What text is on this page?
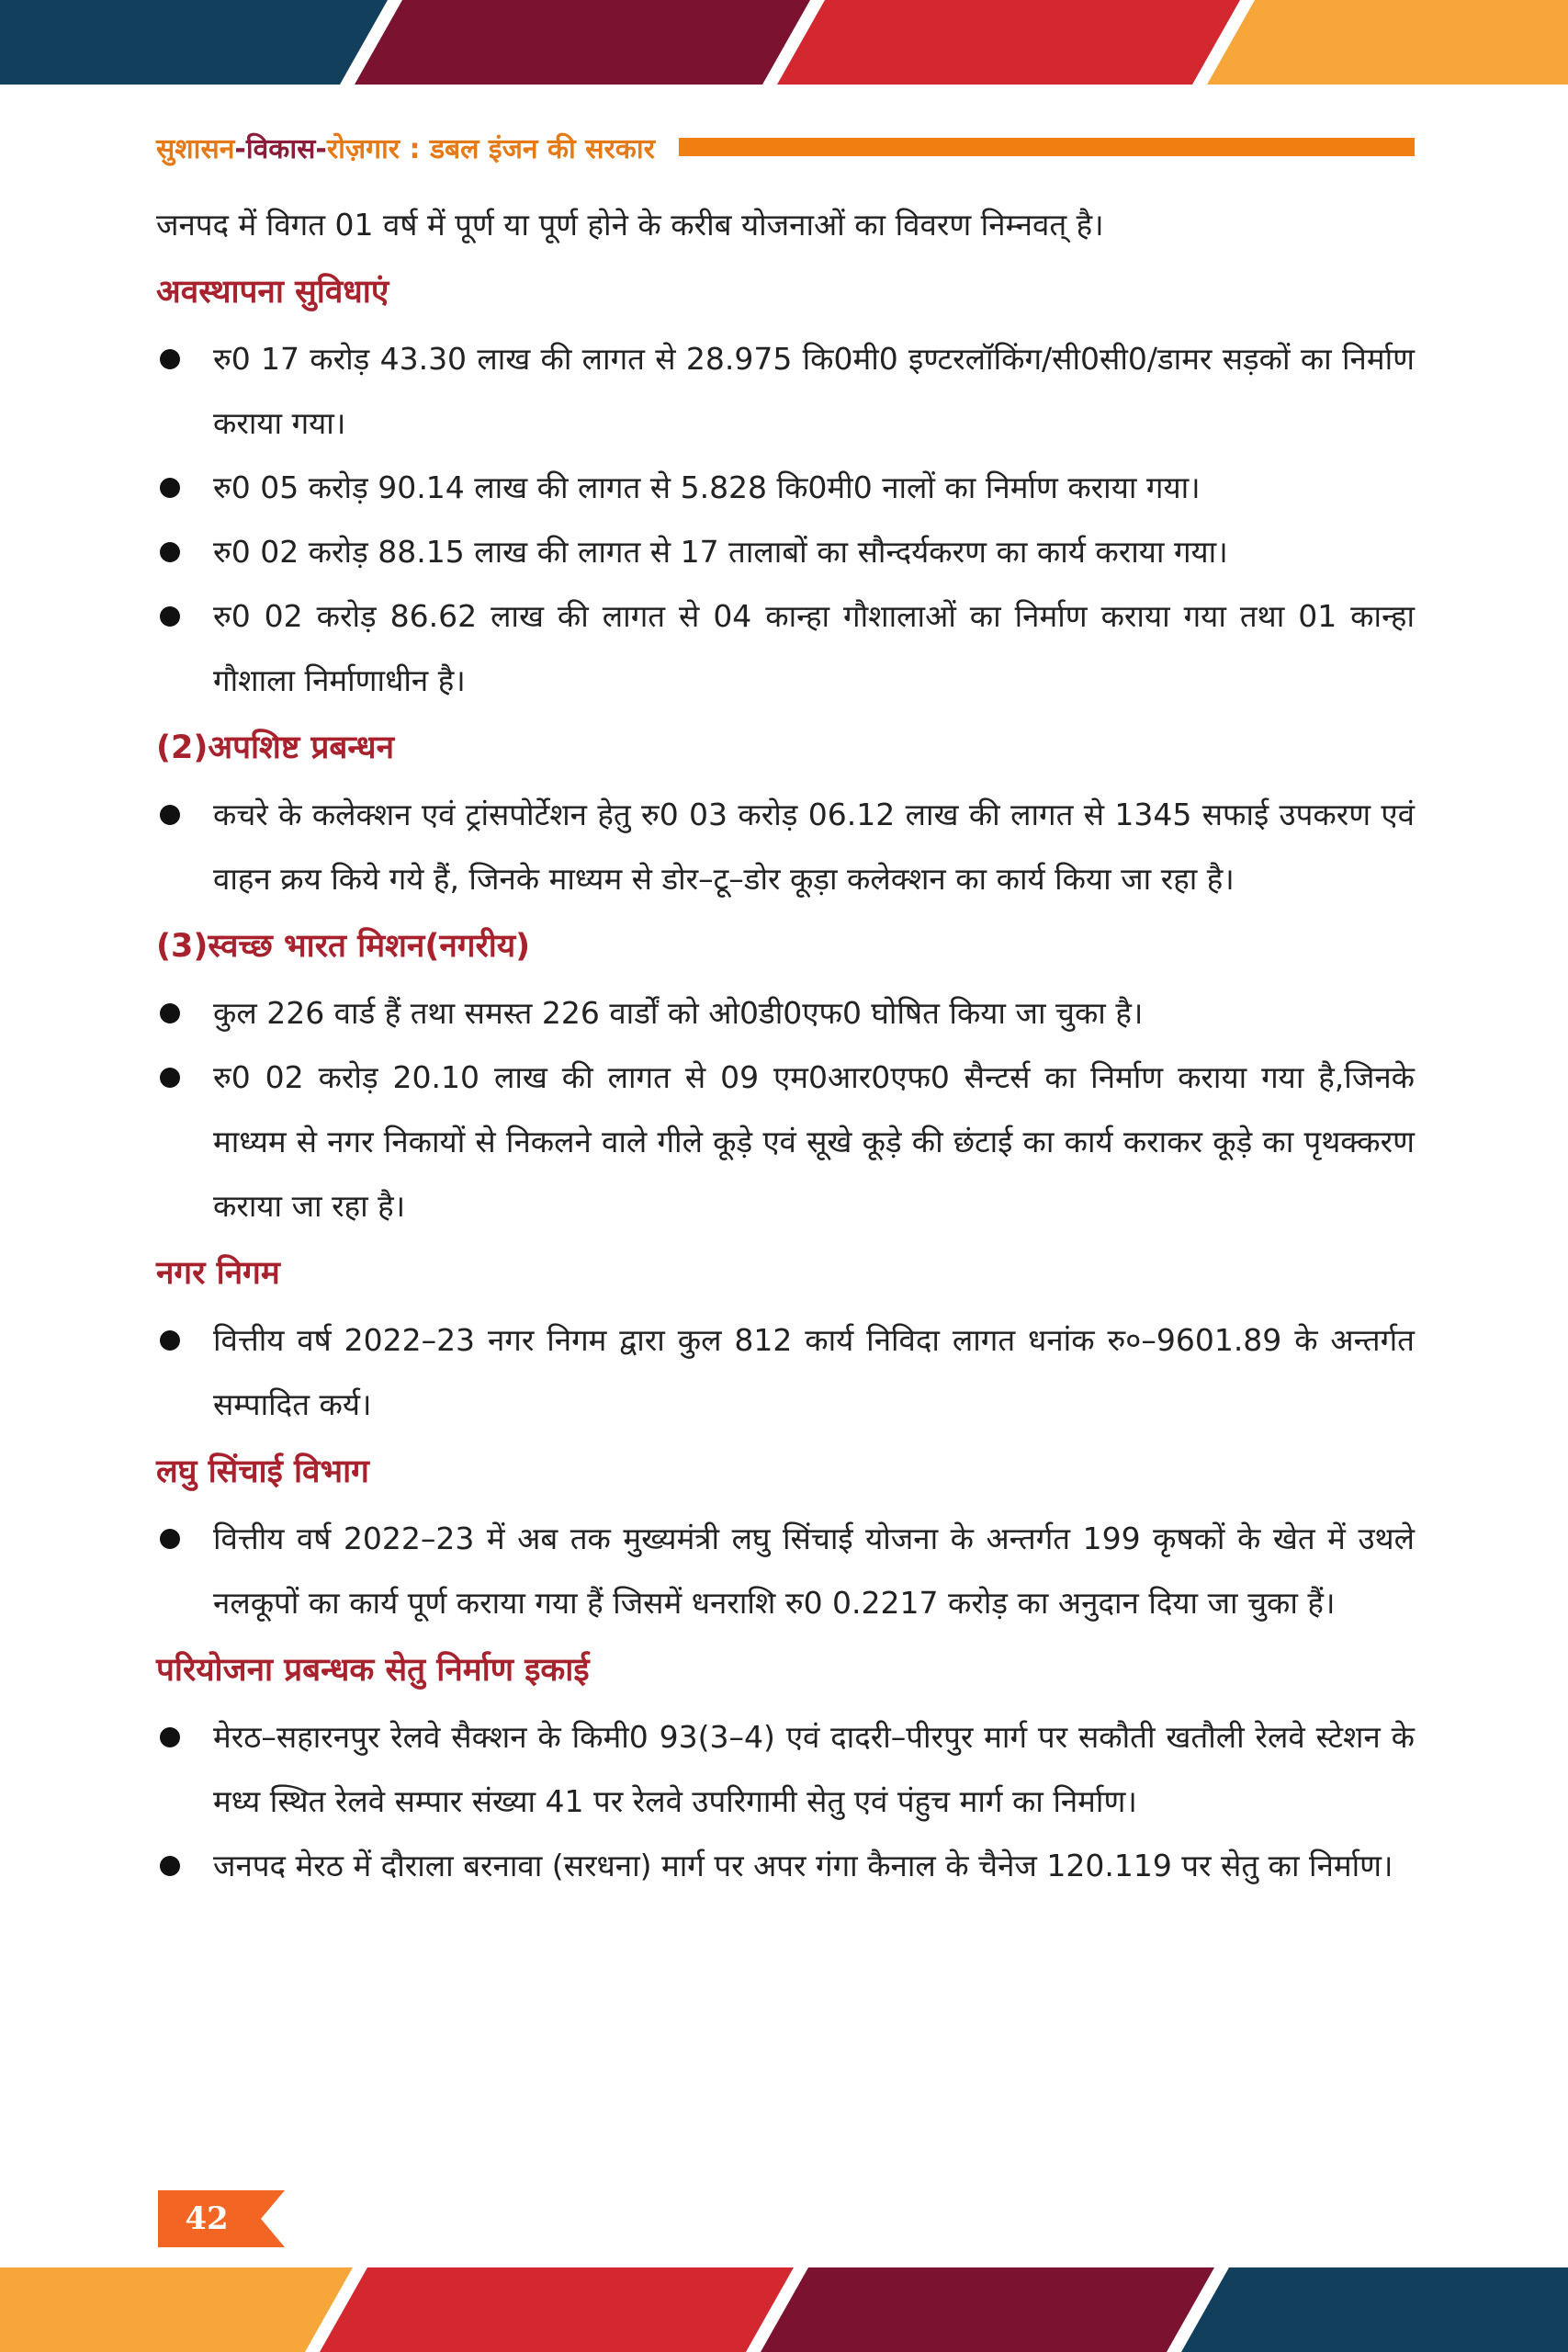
सुशासन-विकास-रोज़गार : डबल इंजन की सरकार

जनपद में विगत 01 वर्ष में पूर्ण या पूर्ण होने के करीब योजनाओं का विवरण निम्नवत् है।

अवस्थापना सुविधाएं
रु0 17 करोड़ 43.30 लाख की लागत से 28.975 कि0मी0 इण्टरलॉकिंग/सी0सी0/डामर सड़कों का निर्माण कराया गया।
रु0 05 करोड़ 90.14 लाख की लागत से 5.828 कि0मी0 नालों का निर्माण कराया गया।
रु0 02 करोड़ 88.15 लाख की लागत से 17 तालाबों का सौन्दर्यकरण का कार्य कराया गया।
रु0 02 करोड़ 86.62 लाख की लागत से 04 कान्हा गौशालाओं का निर्माण कराया गया तथा 01 कान्हा गौशाला निर्माणाधीन है।
(2)अपशिष्ट प्रबन्धन
कचरे के कलेक्शन एवं ट्रांसपोर्टेशन हेतु रु0 03 करोड़ 06.12 लाख की लागत से 1345 सफाई उपकरण एवं वाहन क्रय किये गये हैं, जिनके माध्यम से डोर–टू–डोर कूड़ा कलेक्शन का कार्य किया जा रहा है।
(3)स्वच्छ भारत मिशन(नगरीय)
कुल 226 वार्ड हैं तथा समस्त 226 वार्डों को ओ0डी0एफ0 घोषित किया जा चुका है।
रु0 02 करोड़ 20.10 लाख की लागत से 09 एम0आर0एफ0 सैन्टर्स का निर्माण कराया गया है,जिनके माध्यम से नगर निकायों से निकलने वाले गीले कूड़े एवं सूखे कूड़े की छंटाई का कार्य कराकर कूड़े का पृथक्करण कराया जा रहा है।
नगर निगम
वित्तीय वर्ष 2022–23 नगर निगम द्वारा कुल 812 कार्य निविदा लागत धनांक रु०–9601.89 के अन्तर्गत सम्पादित कर्य।
लघु सिंचाई विभाग
वित्तीय वर्ष 2022–23 में अब तक मुख्यमंत्री लघु सिंचाई योजना के अन्तर्गत 199 कृषकों के खेत में उथले नलकूपों का कार्य पूर्ण कराया गया हैं जिसमें धनराशि रु0 0.2217 करोड़ का अनुदान दिया जा चुका हैं।
परियोजना प्रबन्धक सेतु निर्माण इकाई
मेरठ–सहारनपुर रेलवे सैक्शन के किमी0 93(3–4) एवं दादरी–पीरपुर मार्ग पर सकौती खतौली रेलवे स्टेशन के मध्य स्थित रेलवे सम्पार संख्या 41 पर रेलवे उपरिगामी सेतु एवं पंहुच मार्ग का निर्माण।
जनपद मेरठ में दौराला बरनावा (सरधना) मार्ग पर अपर गंगा कैनाल के चैनेज 120.119 पर सेतु का निर्माण।
42
